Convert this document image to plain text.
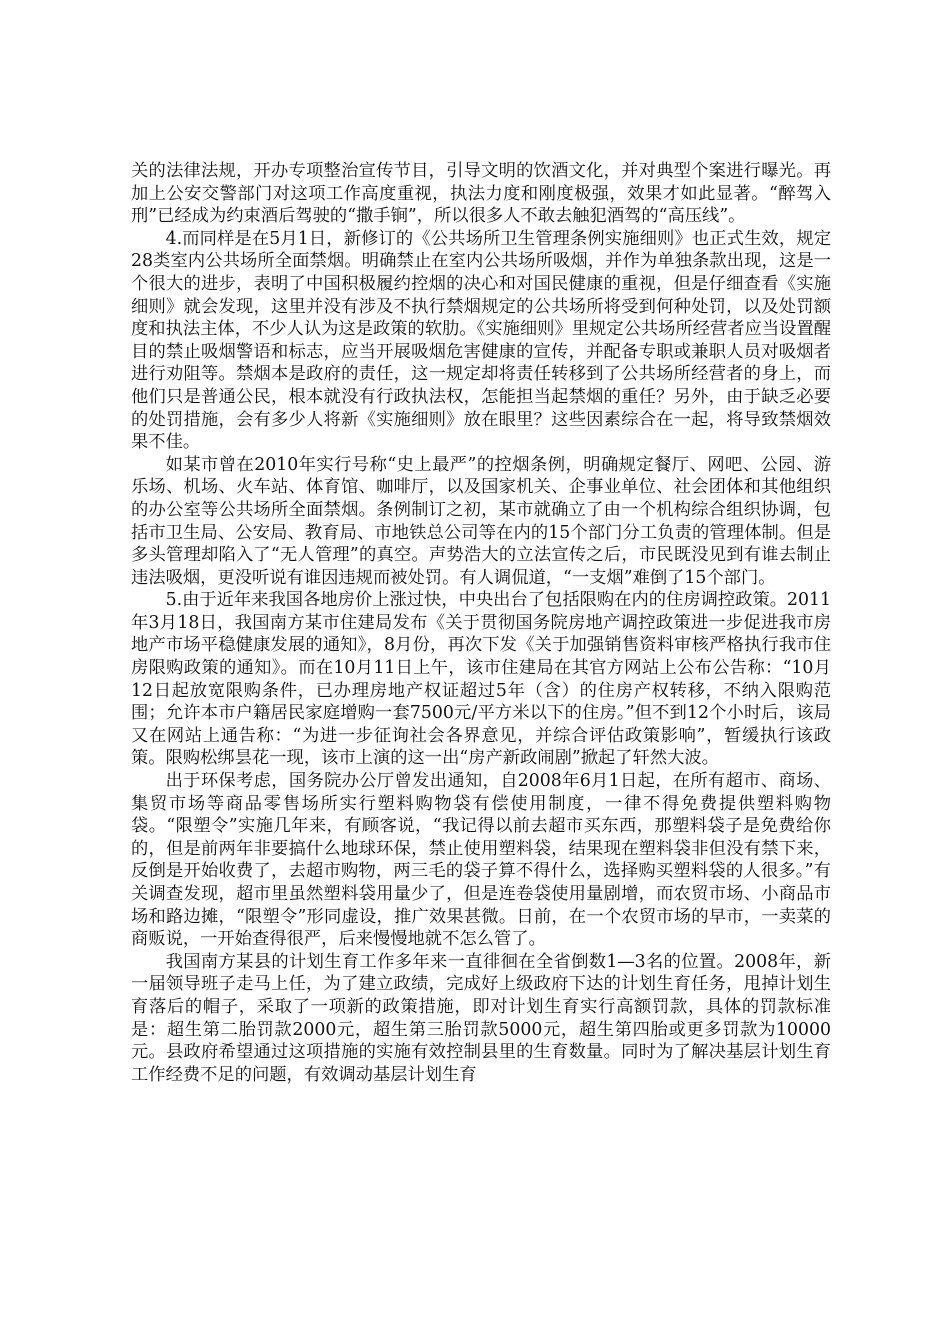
关的法律法规，开办专项整治宣传节目，引导文明的饮酒文化，并对典型个案进行曝光。再加上公安交警部门对这项工作高度重视，执法力度和刚度极强，效果才如此显著。“醉驾入刑”已经成为约束酒后驾驶的“撒手锏”，所以很多人不敢去触犯酒驾的“高压线”。

4.而同样是在5月1日，新修订的《公共场所卫生管理条例实施细则》也正式生效，规定28类室内公共场所全面禁烟。明确禁止在室内公共场所吸烟，并作为单独条款出现，这是一个很大的进步，表明了中国积极履约控烟的决心和对国民健康的重视，但是仔细查看《实施细则》就会发现，这里并没有涉及不执行禁烟规定的公共场所将受到何种处罚，以及处罚额度和执法主体，不少人认为这是政策的软肋。《实施细则》里规定公共场所经营者应当设置醒目的禁止吸烟警语和标志，应当开展吸烟危害健康的宣传，并配备专职或兼职人员对吸烟者进行劝阻等。禁烟本是政府的责任，这一规定却将责任转移到了公共场所经营者的身上，而他们只是普通公民，根本就没有行政执法权，怎能担当起禁烟的重任？另外，由于缺乏必要的处罚措施，会有多少人将新《实施细则》放在眼里？这些因素综合在一起，将导致禁烟效果不佳。

如某市曾在2010年实行号称“史上最严”的控烟条例，明确规定餐厅、网吧、公园、游乐场、机场、火车站、体育馆、咖啡厅，以及国家机关、企事业单位、社会团体和其他组织的办公室等公共场所全面禁烟。条例制订之初，某市就确立了由一个机构综合组织协调，包括市卫生局、公安局、教育局、市地铁总公司等在内的15个部门分工负责的管理体制。但是多头管理却陷入了“无人管理”的真空。声势浩大的立法宣传之后，市民既没见到有谁去制止违法吸烟，更没听说有谁因违规而被处罚。有人调侃道，“一支烟”难倒了15个部门。

5.由于近年来我国各地房价上涨过快，中央出台了包括限购在内的住房调控政策。2011年3月18日，我国南方某市住建局发布《关于贯彻国务院房地产调控政策进一步促进我市房地产市场平稳健康发展的通知》，8月份，再次下发《关于加强销售资料审核严格执行我市住房限购政策的通知》。而在10月11日上午，该市住建局在其官方网站上公布公告称：“10月12日起放宽限购条件，已办理房地产权证超过5年（含）的住房产权转移，不纳入限购范围；允许本市户籍居民家庭增购一套7500元/平方米以下的住房。”但不到12个小时后，该局又在网站上通告称：“为进一步征询社会各界意见，并综合评估政策影响”，暂缓执行该政策。限购松绑昙花一现，该市上演的这一出“房产新政闹剧”掀起了轩然大波。

出于环保考虑，国务院办公厅曾发出通知，自2008年6月1日起，在所有超市、商场、集贸市场等商品零售场所实行塑料购物袋有偿使用制度，一律不得免费提供塑料购物袋。“限塑令”实施几年来，有顾客说，“我记得以前去超市买东西，那塑料袋子是免费给你的，但是前两年非要搞什么地球环保，禁止使用塑料袋，结果现在塑料袋非但没有禁下来，反倒是开始收费了，去超市购物，两三毛的袋子算不得什么，选择购买塑料袋的人很多。”有关调查发现，超市里虽然塑料袋用量少了，但是连卷袋使用量剧增，而农贸市场、小商品市场和路边摊，“限塑令”形同虚设，推广效果甚微。日前，在一个农贸市场的早市，一卖菜的商贩说，一开始查得很严，后来慢慢地就不怎么管了。

我国南方某县的计划生育工作多年来一直徘徊在全省倒数1—3名的位置。2008年，新一届领导班子走马上任，为了建立政绩，完成好上级政府下达的计划生育任务，甩掉计划生育落后的帽子，采取了一项新的政策措施，即对计划生育实行高额罚款，具体的罚款标准是：超生第二胎罚款2000元，超生第三胎罚款5000元，超生第四胎或更多罚款为10000元。县政府希望通过这项措施的实施有效控制县里的生育数量。同时为了解决基层计划生育工作经费不足的问题，有效调动基层计划生育
